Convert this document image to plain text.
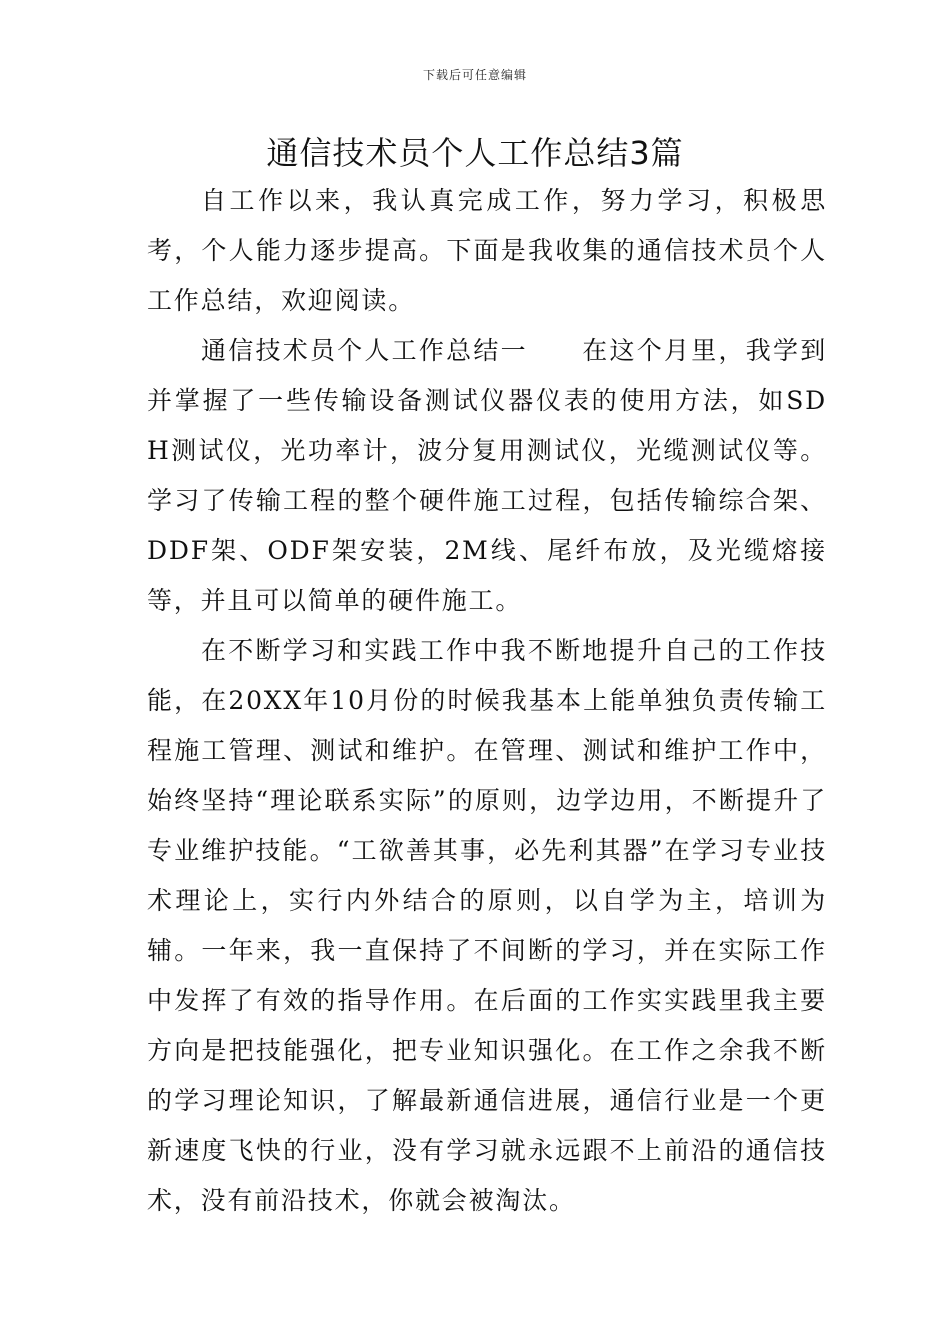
下载后可任意编辑
通信技术员个人工作总结3篇

自工作以来，我认真完成工作，努力学习，积极思考，个人能力逐步提高。下面是我收集的通信技术员个人工作总结，欢迎阅读。

通信技术员个人工作总结一　　在这个月里，我学到并掌握了一些传输设备测试仪器仪表的使用方法，如SDH测试仪，光功率计，波分复用测试仪，光缆测试仪等。学习了传输工程的整个硬件施工过程，包括传输综合架、DDF架、ODF架安装，2M线、尾纤布放，及光缆熔接等，并且可以简单的硬件施工。

在不断学习和实践工作中我不断地提升自己的工作技能，在20XX年10月份的时候我基本上能单独负责传输工程施工管理、测试和维护。在管理、测试和维护工作中，始终坚持“理论联系实际”的原则，边学边用，不断提升了专业维护技能。“工欲善其事，必先利其器”在学习专业技术理论上，实行内外结合的原则，以自学为主，培训为辅。一年来，我一直保持了不间断的学习，并在实际工作中发挥了有效的指导作用。在后面的工作实实践里我主要方向是把技能强化，把专业知识强化。在工作之余我不断的学习理论知识，了解最新通信进展，通信行业是一个更新速度飞快的行业，没有学习就永远跟不上前沿的通信技术，没有前沿技术，你就会被淘汰。
